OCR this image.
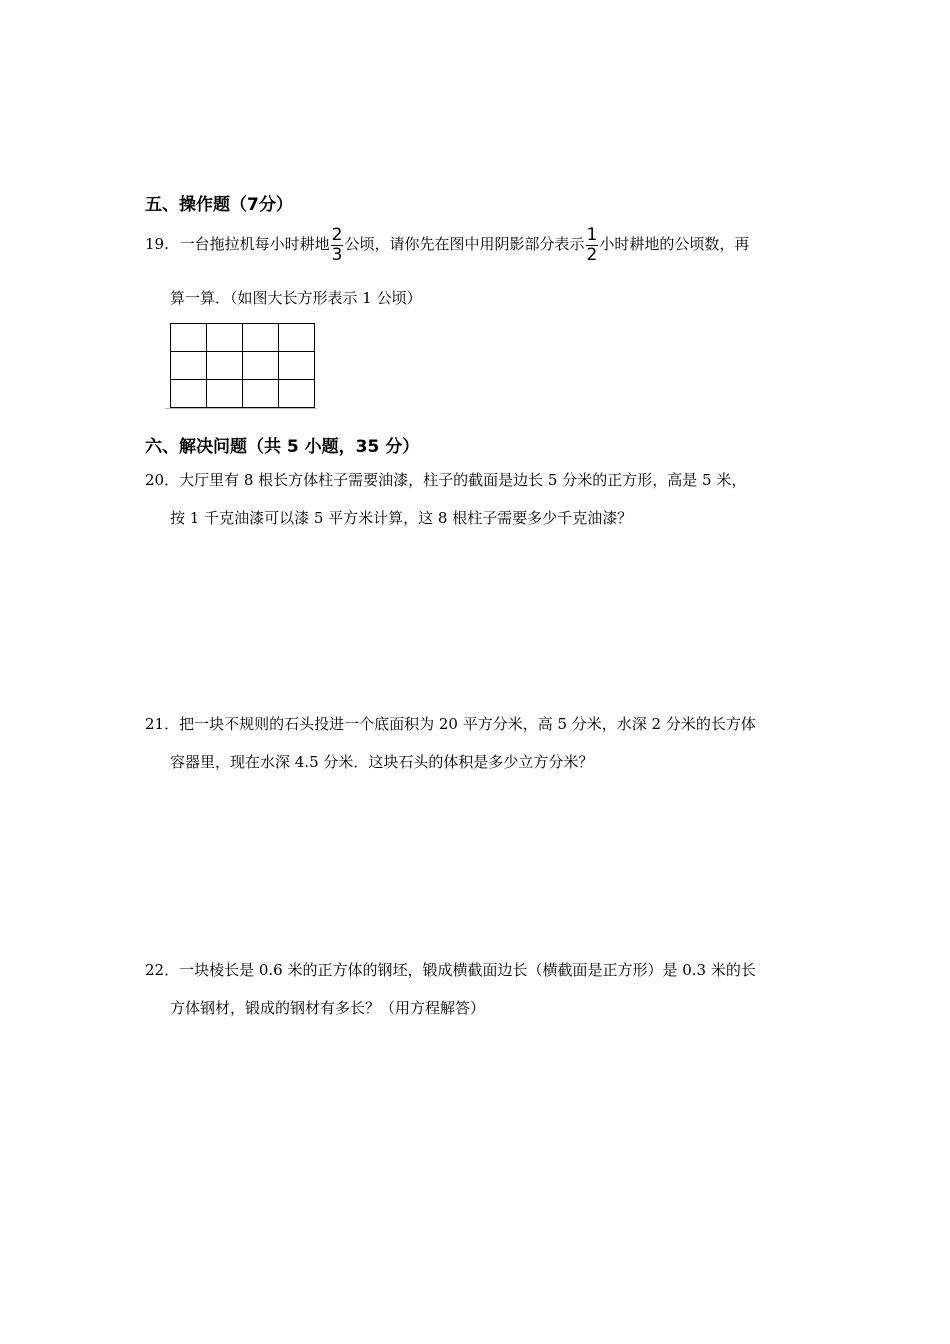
五、操作题（7分）
19. 一台拖拉机每小时耕地 $\frac{2}{3}$ 公顷，请你先在图中用阴影部分表示 $\frac{1}{2}$ 小时耕地的公顷数，再
算一算．（如图大长方形表示 1 公顷）

六、解决问题（共 5 小题，35 分）
20．大厅里有 8 根长方体柱子需要油漆，柱子的截面是边长 5 分米的正方形，高是 5 米，
按 1 千克油漆可以漆 5 平方米计算，这 8 根柱子需要多少千克油漆？
21．把一块不规则的石头投进一个底面积为 20 平方分米，高 5 分米，水深 2 分米的长方体
容器里，现在水深 4.5 分米．这块石头的体积是多少立方分米？
22．一块棱长是 0.6 米的正方体的钢坯，锻成横截面边长（横截面是正方形）是 0.3 米的长
方体钢材，锻成的钢材有多长？（用方程解答）
